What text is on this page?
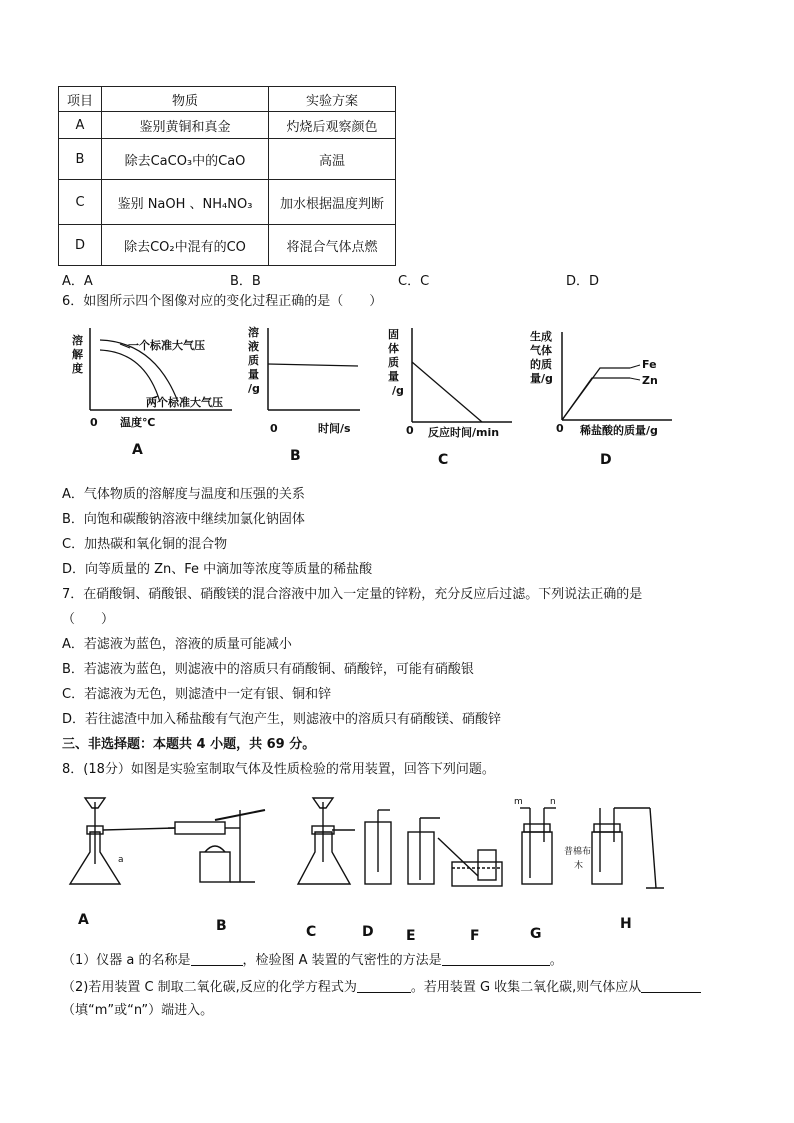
项目	物质	实验方案
A	鉴别黄铜和真金	灼烧后观察颜色
B	除去CaCO₃中的CaO	高温
C	鉴别 NaOH 、NH₄NO₃	加水根据温度判断
D	除去CO₂中混有的CO	将混合气体点燃
A．A	B．B	C．C	D．D
6．如图所示四个图像对应的变化过程正确的是（　　）
溶
解
度
一个标准大气压
两个标准大气压
0 温度℃
A
溶
液
质
量
/g
0	时间/s
B
固
体
质
量
/g
0 反应时间/min
C
生成
气体
的质
量/g
Fe
Zn
0 稀盐酸的质量/g
D
A．气体物质的溶解度与温度和压强的关系
B．向饱和碳酸钠溶液中继续加氯化钠固体
C．加热碳和氧化铜的混合物
D．向等质量的 Zn、Fe 中滴加等浓度等质量的稀盐酸
7．在硝酸铜、硝酸银、硝酸镁的混合溶液中加入一定量的锌粉，充分反应后过滤。下列说法正确的是
（　　）
A．若滤液为蓝色，溶液的质量可能减小
B．若滤液为蓝色，则滤液中的溶质只有硝酸铜、硝酸锌，可能有硝酸银
C．若滤液为无色，则滤渣中一定有银、铜和锌
D．若往滤渣中加入稀盐酸有气泡产生，则滤液中的溶质只有硝酸镁、硝酸锌
三、非选择题：本题共 4 小题，共 69 分。
8．(18分）如图是实验室制取气体及性质检验的常用装置，回答下列问题。
A	B	C	D E	F	G
H
a
m	n
普棉布
木
（1）仪器 a 的名称是	，检验图 A 装置的气密性的方法是	。
（2)若用装置 C 制取二氧化碳,反应的化学方程式为	。若用装置 G 收集二氧化碳,则气体应从
（填“m”或“n”）端进入。
